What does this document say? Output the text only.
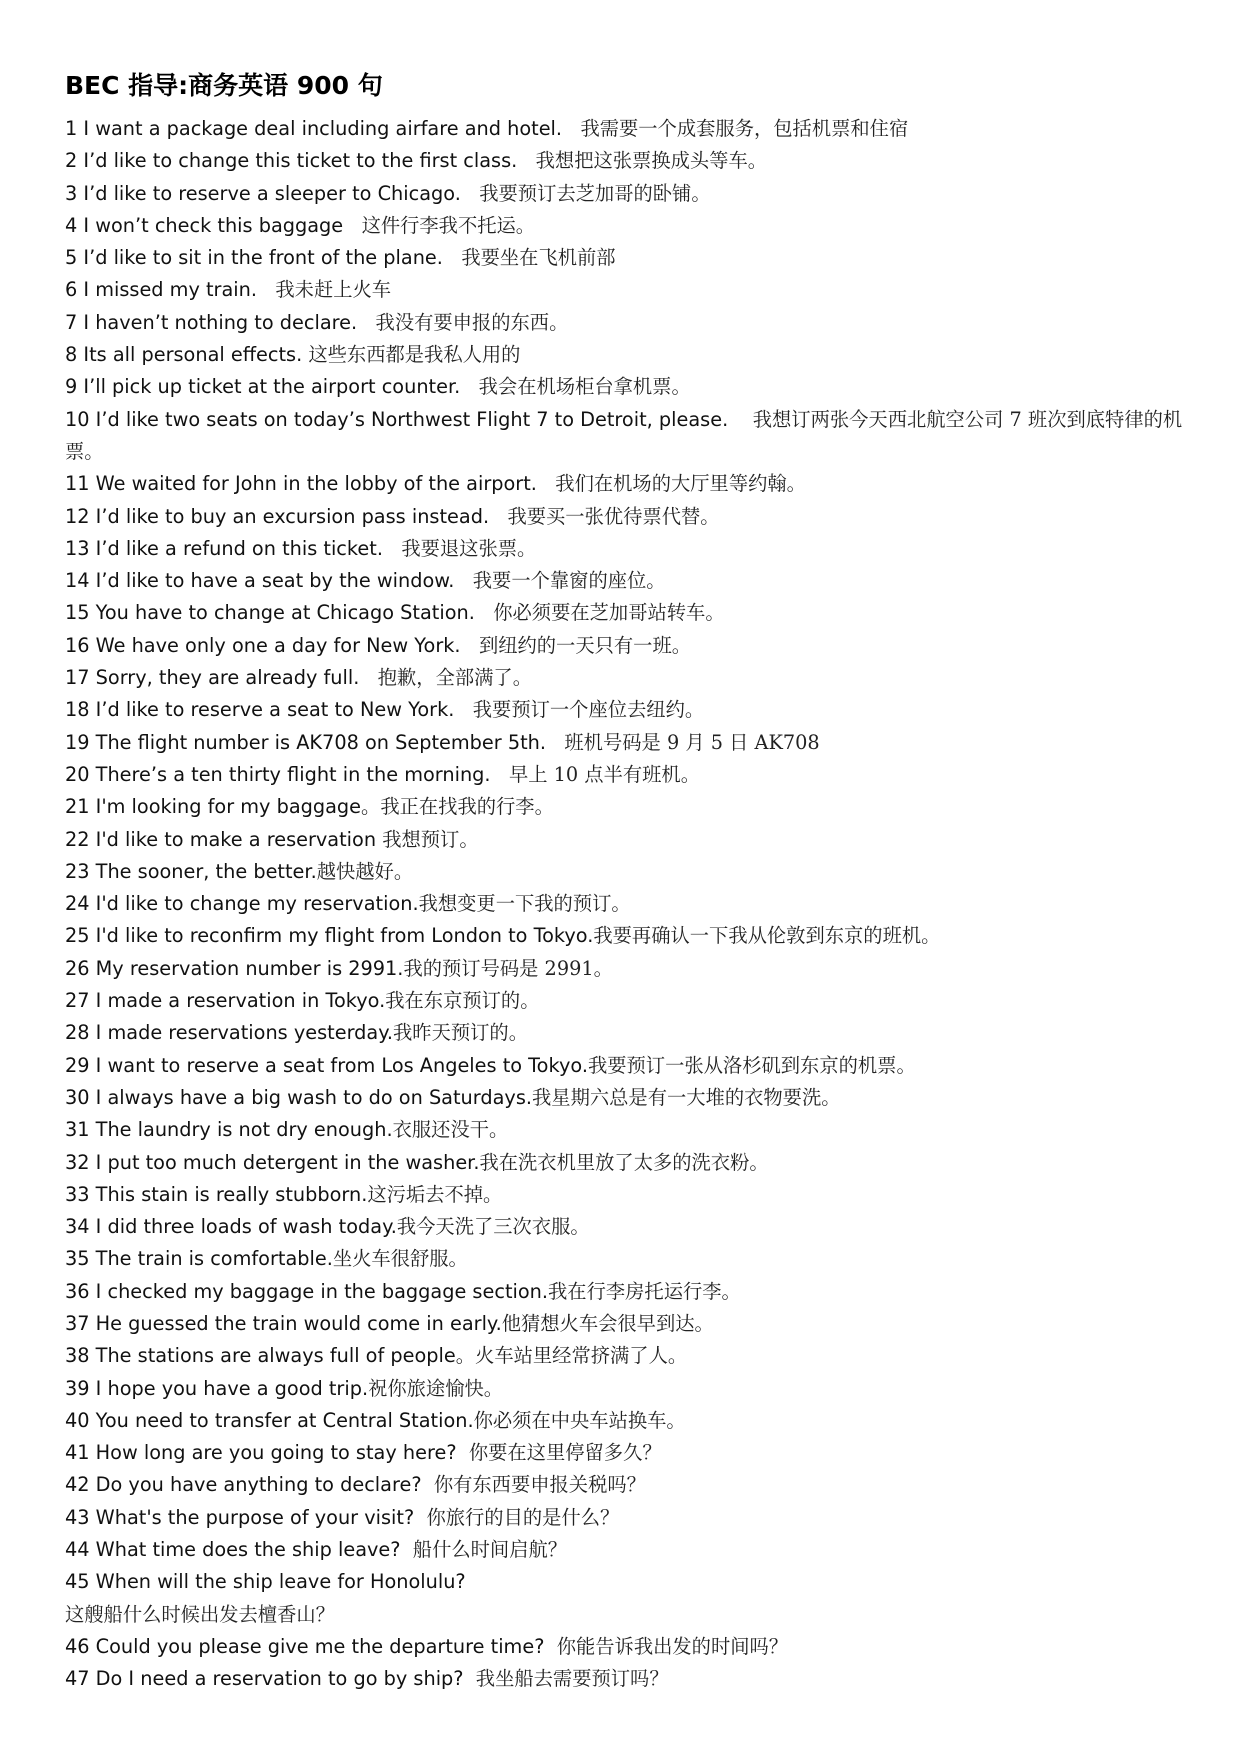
BEC 指导:商务英语 900 句
1 I want a package deal including airfare and hotel. 我需要一个成套服务，包括机票和住宿
2 I’d like to change this ticket to the first class. 我想把这张票换成头等车。
3 I’d like to reserve a sleeper to Chicago. 我要预订去芝加哥的卧铺。
4 I won’t check this baggage 这件行李我不托运。
5 I’d like to sit in the front of the plane. 我要坐在飞机前部
6 I missed my train. 我未赶上火车
7 I haven’t nothing to declare. 我没有要申报的东西。
8 Its all personal effects. 这些东西都是我私人用的
9 I’ll pick up ticket at the airport counter. 我会在机场柜台拿机票。
10 I’d like two seats on today’s Northwest Flight 7 to Detroit, please. 我想订两张今天西北航空公司 7 班次到底特律的机票。
11 We waited for John in the lobby of the airport. 我们在机场的大厅里等约翰。
12 I’d like to buy an excursion pass instead. 我要买一张优待票代替。
13 I’d like a refund on this ticket. 我要退这张票。
14 I’d like to have a seat by the window. 我要一个靠窗的座位。
15 You have to change at Chicago Station. 你必须要在芝加哥站转车。
16 We have only one a day for New York. 到纽约的一天只有一班。
17 Sorry, they are already full. 抱歉，全部满了。
18 I’d like to reserve a seat to New York. 我要预订一个座位去纽约。
19 The flight number is AK708 on September 5th. 班机号码是 9 月 5 日 AK708
20 There’s a ten thirty flight in the morning. 早上 10 点半有班机。
21 I'm looking for my baggage。我正在找我的行李。
22 I'd like to make a reservation 我想预订。
23 The sooner, the better.越快越好。
24 I'd like to change my reservation.我想变更一下我的预订。
25 I'd like to reconfirm my flight from London to Tokyo.我要再确认一下我从伦敦到东京的班机。
26 My reservation number is 2991.我的预订号码是 2991。
27 I made a reservation in Tokyo.我在东京预订的。
28 I made reservations yesterday.我昨天预订的。
29 I want to reserve a seat from Los Angeles to Tokyo.我要预订一张从洛杉矶到东京的机票。
30 I always have a big wash to do on Saturdays.我星期六总是有一大堆的衣物要洗。
31 The laundry is not dry enough.衣服还没干。
32 I put too much detergent in the washer.我在洗衣机里放了太多的洗衣粉。
33 This stain is really stubborn.这污垢去不掉。
34 I did three loads of wash today.我今天洗了三次衣服。
35 The train is comfortable.坐火车很舒服。
36 I checked my baggage in the baggage section.我在行李房托运行李。
37 He guessed the train would come in early.他猜想火车会很早到达。
38 The stations are always full of people。火车站里经常挤满了人。
39 I hope you have a good trip.祝你旅途愉快。
40 You need to transfer at Central Station.你必须在中央车站换车。
41 How long are you going to stay here? 你要在这里停留多久？
42 Do you have anything to declare? 你有东西要申报关税吗？
43 What's the purpose of your visit? 你旅行的目的是什么？
44 What time does the ship leave? 船什么时间启航？
45 When will the ship leave for Honolulu?
这艘船什么时候出发去檀香山？
46 Could you please give me the departure time? 你能告诉我出发的时间吗？
47 Do I need a reservation to go by ship? 我坐船去需要预订吗？
